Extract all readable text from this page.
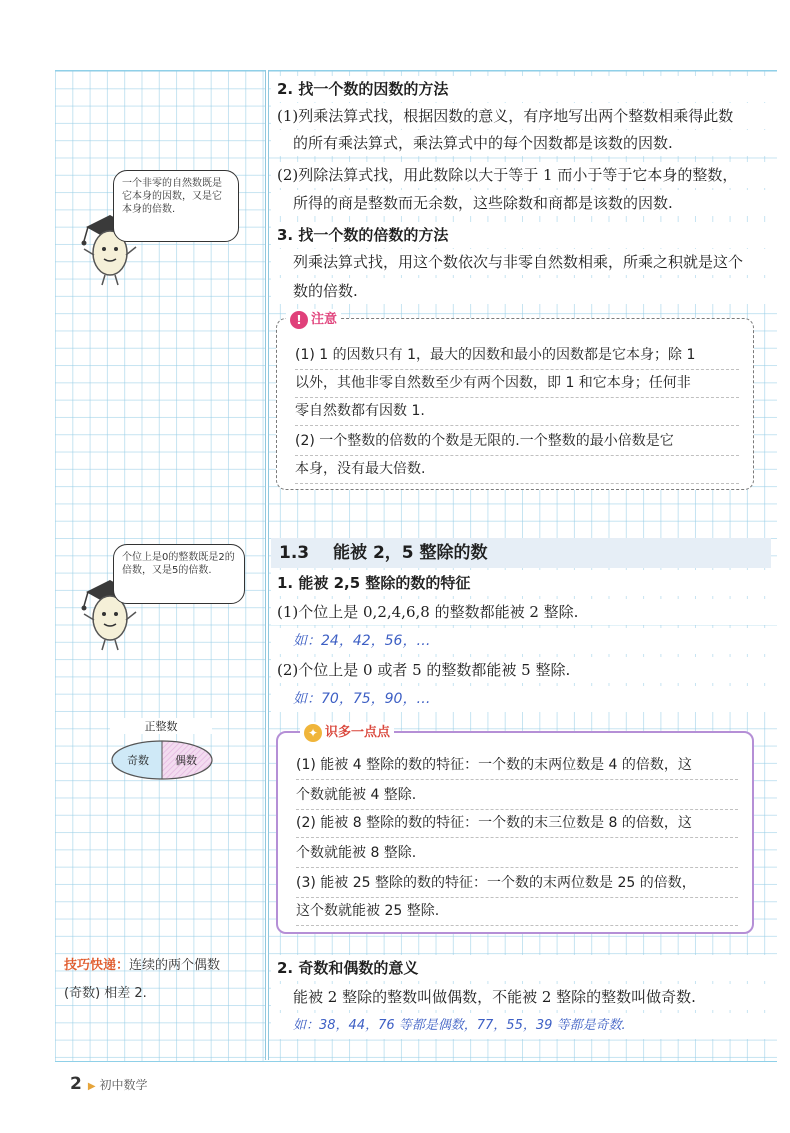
2. 找一个数的因数的方法
(1)列乘法算式找，根据因数的意义，有序地写出两个整数相乘得此数
的所有乘法算式，乘法算式中的每个因数都是该数的因数.
(2)列除法算式找，用此数除以大于等于 1 而小于等于它本身的整数，
所得的商是整数而无余数，这些除数和商都是该数的因数.
3. 找一个数的倍数的方法
列乘法算式找，用这个数依次与非零自然数相乘，所乘之积就是这个
数的倍数.
(1) 1 的因数只有 1，最大的因数和最小的因数都是它本身；除 1
以外，其他非零自然数至少有两个因数，即 1 和它本身；任何非
零自然数都有因数 1.
(2) 一个整数的倍数的个数是无限的.一个整数的最小倍数是它
本身，没有最大倍数.
! 注意
1.3 能被 2，5 整除的数
1. 能被 2,5 整除的数的特征
(1)个位上是 0,2,4,6,8 的整数都能被 2 整除.
如：24，42，56，…
(2)个位上是 0 或者 5 的整数都能被 5 整除.
如：70，75，90，…
(1) 能被 4 整除的数的特征：一个数的末两位数是 4 的倍数，这
个数就能被 4 整除.
(2) 能被 8 整除的数的特征：一个数的末三位数是 8 的倍数，这
个数就能被 8 整除.
(3) 能被 25 整除的数的特征：一个数的末两位数是 25 的倍数，
这个数就能被 25 整除.
✦ 识多一点点
2. 奇数和偶数的意义
能被 2 整除的整数叫做偶数，不能被 2 整除的整数叫做奇数.
如：38，44，76 等都是偶数，77，55，39 等都是奇数.
一个非零的自然数既是它本身的因数，又是它本身的倍数.
个位上是0的整数既是2的倍数，又是5的倍数.
正整数
奇数	偶数
技巧快递：连续的两个偶数
(奇数) 相差 2.
2 ▶ 初中数学
